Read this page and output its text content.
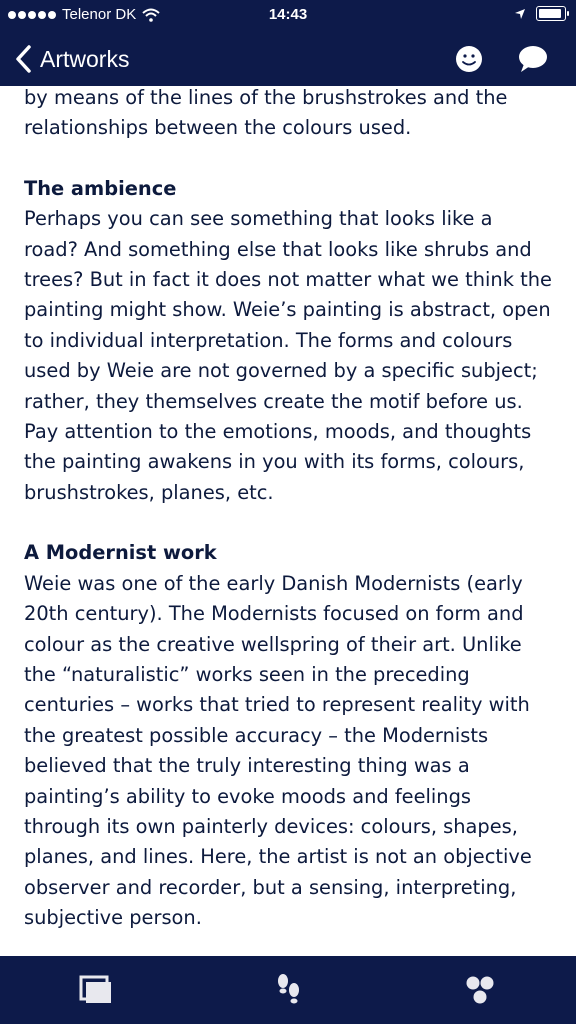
Telenor DK	14:43
Artworks

by means of the lines of the brushstrokes and the relationships between the colours used.

The ambience

Perhaps you can see something that looks like a road? And something else that looks like shrubs and trees? But in fact it does not matter what we think the painting might show. Weie’s painting is abstract, open to individual interpretation. The forms and colours used by Weie are not governed by a specific subject; rather, they themselves create the motif before us. Pay attention to the emotions, moods, and thoughts the painting awakens in you with its forms, colours, brushstrokes, planes, etc.

A Modernist work

Weie was one of the early Danish Modernists (early 20th century). The Modernists focused on form and colour as the creative wellspring of their art. Unlike the “naturalistic” works seen in the preceding centuries – works that tried to represent reality with the greatest possible accuracy – the Modernists believed that the truly interesting thing was a painting’s ability to evoke moods and feelings through its own painterly devices: colours, shapes, planes, and lines. Here, the artist is not an objective observer and recorder, but a sensing, interpreting, subjective person.
